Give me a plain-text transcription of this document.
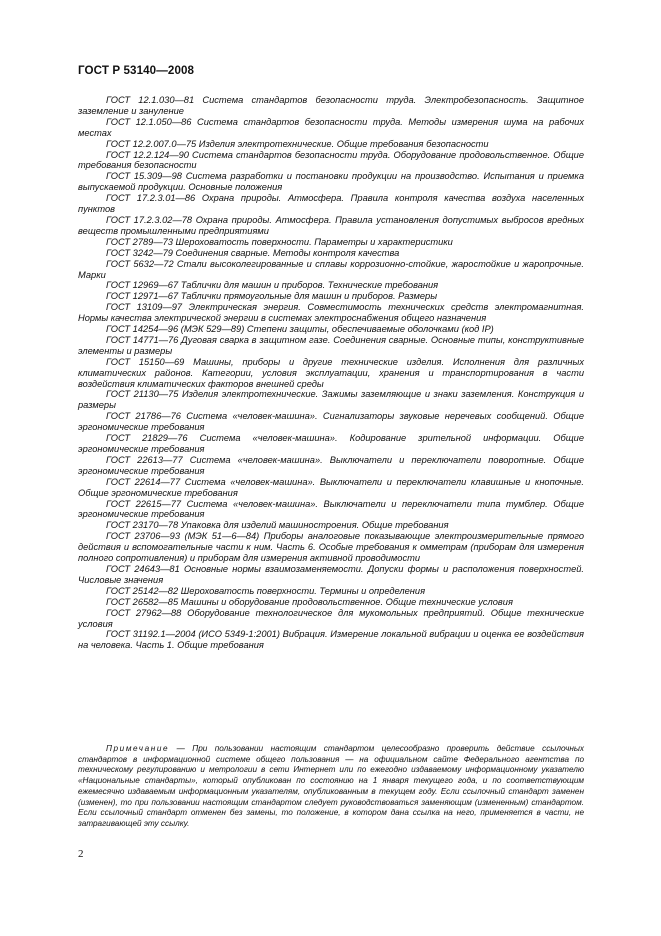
ГОСТ Р 53140—2008

ГОСТ 12.1.030—81 Система стандартов безопасности труда. Электробезопасность. Защитное заземление и зануление

ГОСТ 12.1.050—86 Система стандартов безопасности труда. Методы измерения шума на рабочих местах

ГОСТ 12.2.007.0—75 Изделия электротехнические. Общие требования безопасности

ГОСТ 12.2.124—90 Система стандартов безопасности труда. Оборудование продовольственное. Общие требования безопасности

ГОСТ 15.309—98 Система разработки и постановки продукции на производство. Испытания и приемка выпускаемой продукции. Основные положения

ГОСТ 17.2.3.01—86 Охрана природы. Атмосфера. Правила контроля качества воздуха населенных пунктов

ГОСТ 17.2.3.02—78 Охрана природы. Атмосфера. Правила установления допустимых выбросов вредных веществ промышленными предприятиями

ГОСТ 2789—73 Шероховатость поверхности. Параметры и характеристики

ГОСТ 3242—79 Соединения сварные. Методы контроля качества

ГОСТ 5632—72 Стали высоколегированные и сплавы коррозионно-стойкие, жаростойкие и жаропрочные. Марки

ГОСТ 12969—67 Таблички для машин и приборов. Технические требования

ГОСТ 12971—67 Таблички прямоугольные для машин и приборов. Размеры

ГОСТ 13109—97 Электрическая энергия. Совместимость технических средств электромагнитная. Нормы качества электрической энергии в системах электроснабжения общего назначения

ГОСТ 14254—96 (МЭК 529—89) Степени защиты, обеспечиваемые оболочками (код IP)

ГОСТ 14771—76 Дуговая сварка в защитном газе. Соединения сварные. Основные типы, конструктивные элементы и размеры

ГОСТ 15150—69 Машины, приборы и другие технические изделия. Исполнения для различных климатических районов. Категории, условия эксплуатации, хранения и транспортирования в части воздействия климатических факторов внешней среды

ГОСТ 21130—75 Изделия электротехнические. Зажимы заземляющие и знаки заземления. Конструкция и размеры

ГОСТ 21786—76 Система «человек-машина». Сигнализаторы звуковые неречевых сообщений. Общие эргономические требования

ГОСТ 21829—76 Система «человек-машина». Кодирование зрительной информации. Общие эргономические требования

ГОСТ 22613—77 Система «человек-машина». Выключатели и переключатели поворотные. Общие эргономические требования

ГОСТ 22614—77 Система «человек-машина». Выключатели и переключатели клавишные и кнопочные. Общие эргономические требования

ГОСТ 22615—77 Система «человек-машина». Выключатели и переключатели типа тумблер. Общие эргономические требования

ГОСТ 23170—78 Упаковка для изделий машиностроения. Общие требования

ГОСТ 23706—93 (МЭК 51—6—84) Приборы аналоговые показывающие электроизмерительные прямого действия и вспомогательные части к ним. Часть 6. Особые требования к омметрам (приборам для измерения полного сопротивления) и приборам для измерения активной проводимости

ГОСТ 24643—81 Основные нормы взаимозаменяемости. Допуски формы и расположения поверхностей. Числовые значения

ГОСТ 25142—82 Шероховатость поверхности. Термины и определения

ГОСТ 26582—85 Машины и оборудование продовольственное. Общие технические условия

ГОСТ 27962—88 Оборудование технологическое для мукомольных предприятий. Общие технические условия

ГОСТ 31192.1—2004 (ИСО 5349-1:2001) Вибрация. Измерение локальной вибрации и оценка ее воздействия на человека. Часть 1. Общие требования

Примечание — При пользовании настоящим стандартом целесообразно проверить действие ссылочных стандартов в информационной системе общего пользования — на официальном сайте Федерального агентства по техническому регулированию и метрологии в сети Интернет или по ежегодно издаваемому информационному указателю «Национальные стандарты», который опубликован по состоянию на 1 января текущего года, и по соответствующим ежемесячно издаваемым информационным указателям, опубликованным в текущем году. Если ссылочный стандарт заменен (изменен), то при пользовании настоящим стандартом следует руководствоваться заменяющим (измененным) стандартом. Если ссылочный стандарт отменен без замены, то положение, в котором дана ссылка на него, применяется в части, не затрагивающей эту ссылку.

2
